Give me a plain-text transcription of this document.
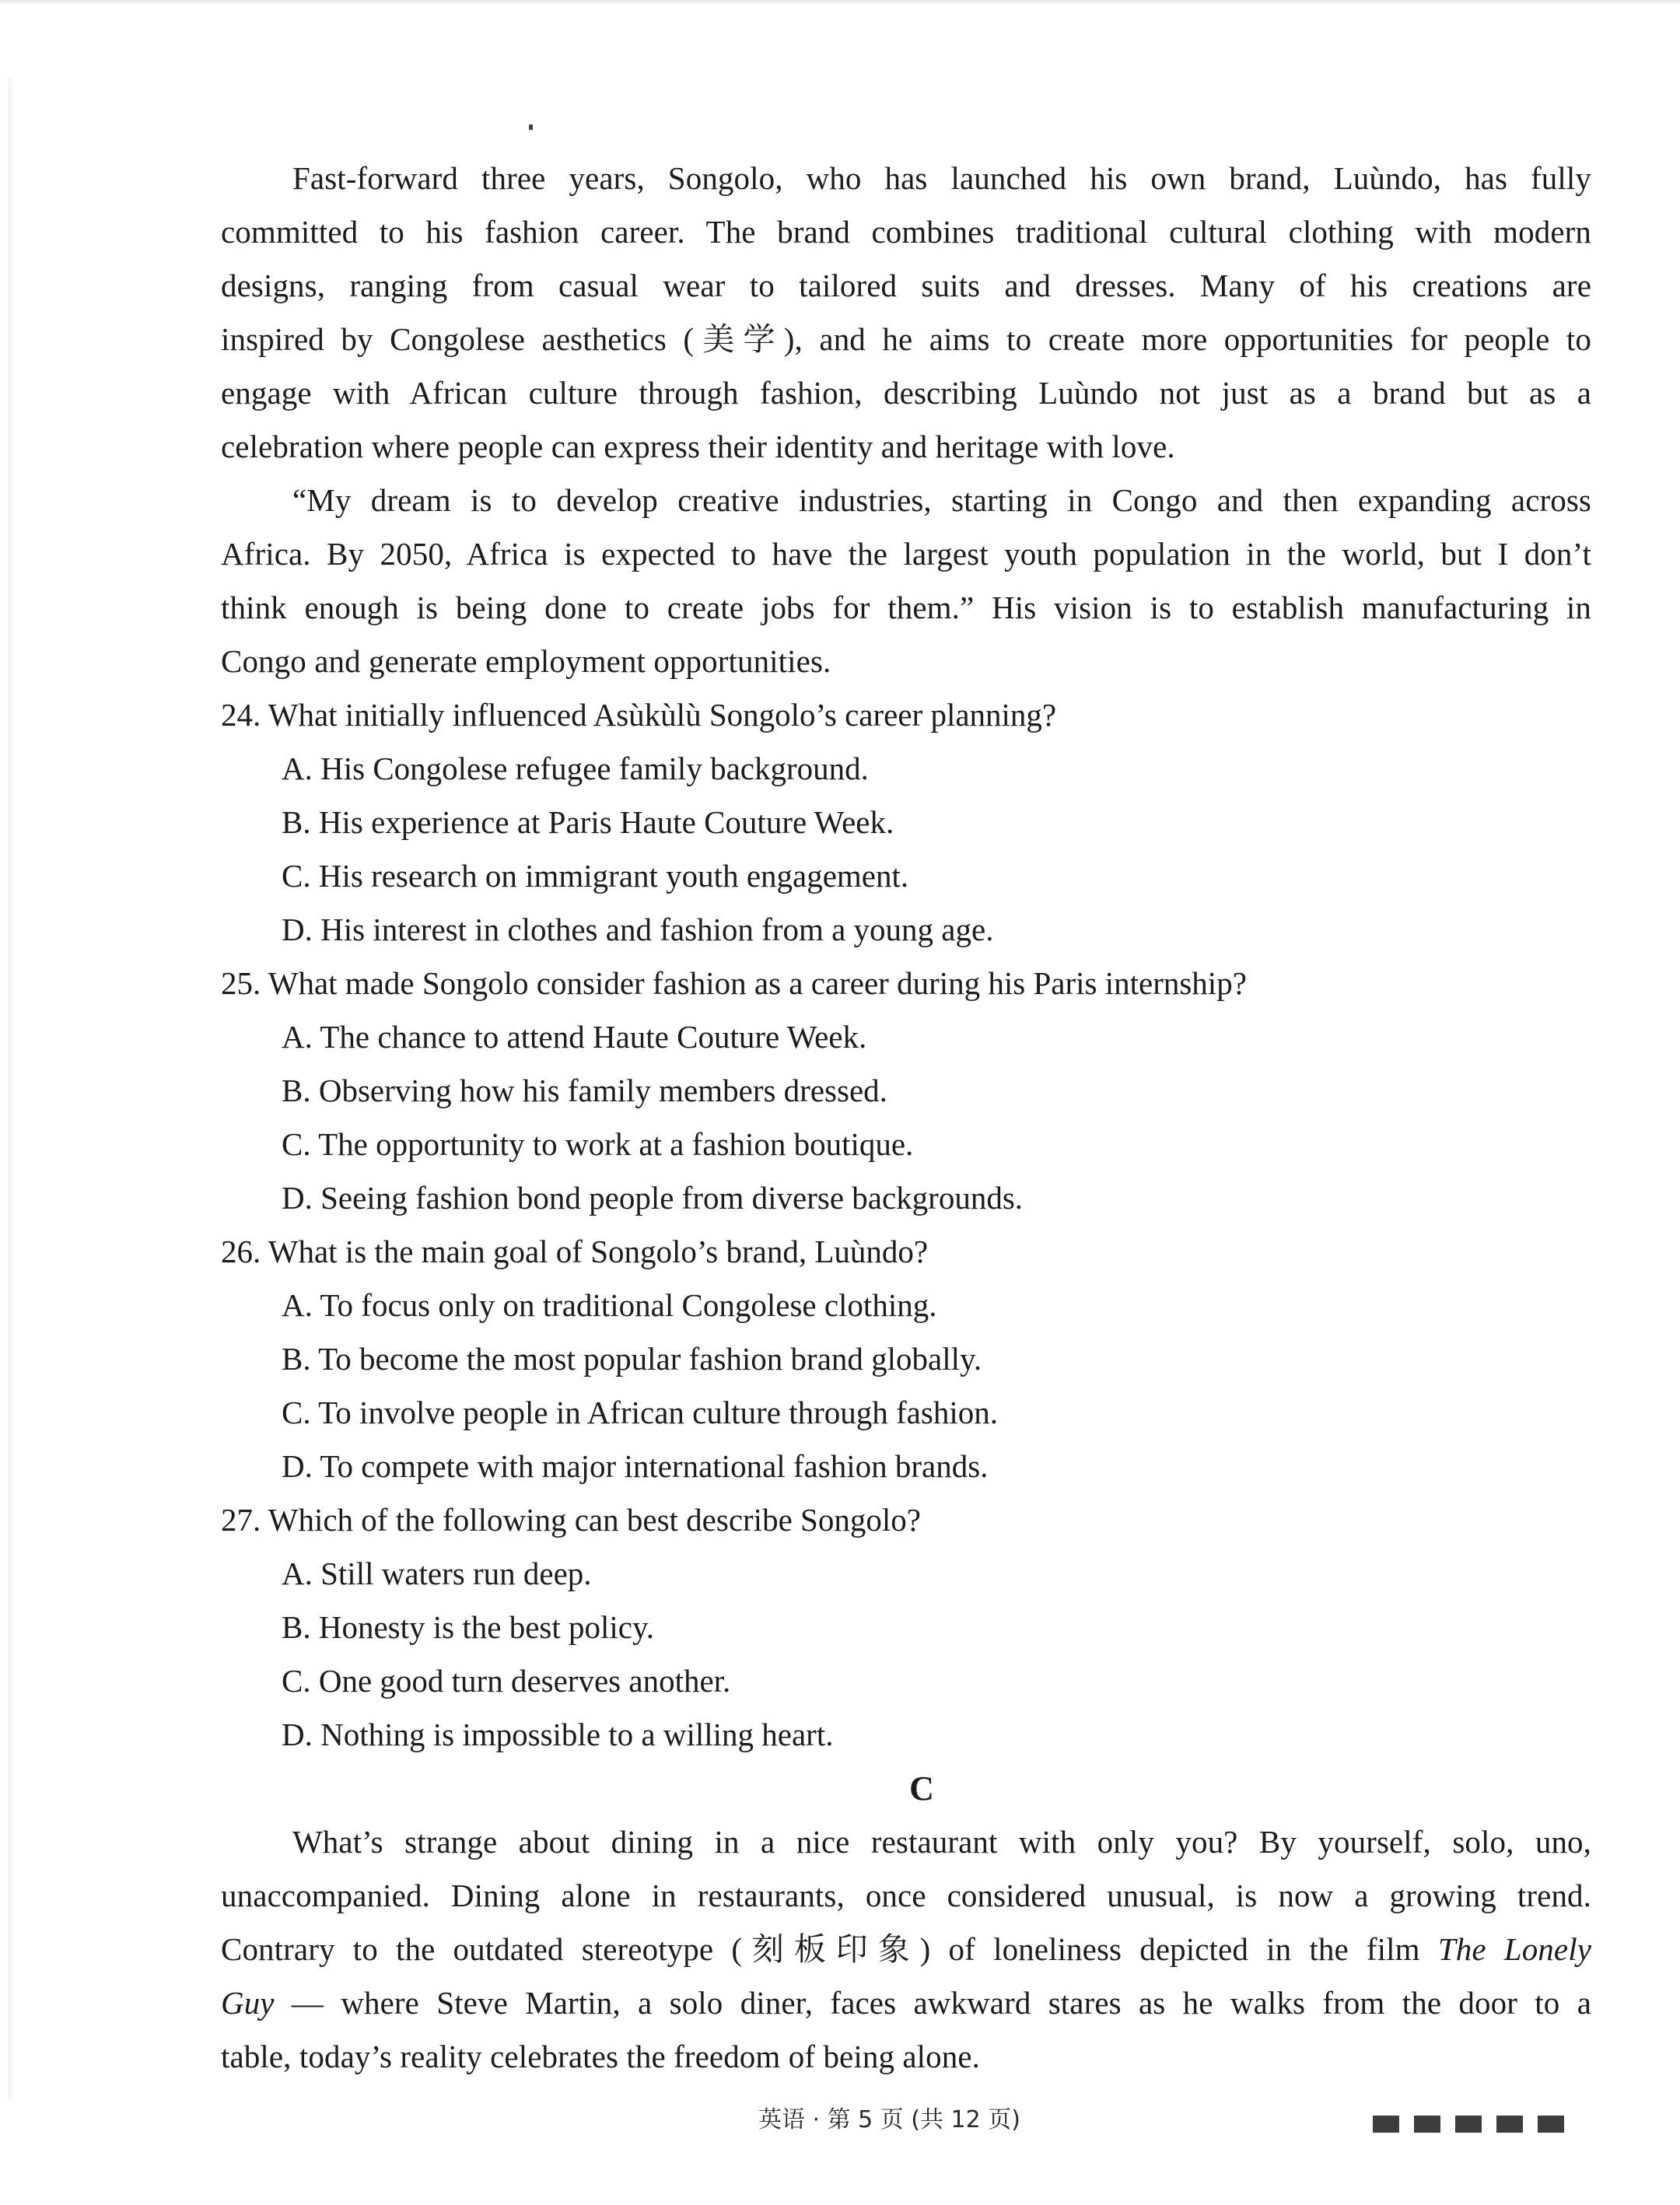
Fast-forward three years, Songolo, who has launched his own brand, Luùndo, has fully
committed to his fashion career. The brand combines traditional cultural clothing with modern
designs, ranging from casual wear to tailored suits and dresses. Many of his creations are
inspired by Congolese aesthetics (美学), and he aims to create more opportunities for people to
engage with African culture through fashion, describing Luùndo not just as a brand but as a
celebration where people can express their identity and heritage with love.
“My dream is to develop creative industries, starting in Congo and then expanding across
Africa. By 2050, Africa is expected to have the largest youth population in the world, but I don’t
think enough is being done to create jobs for them.” His vision is to establish manufacturing in
Congo and generate employment opportunities.
24. What initially influenced Asùkùlù Songolo’s career planning?
A. His Congolese refugee family background.
B. His experience at Paris Haute Couture Week.
C. His research on immigrant youth engagement.
D. His interest in clothes and fashion from a young age.
25. What made Songolo consider fashion as a career during his Paris internship?
A. The chance to attend Haute Couture Week.
B. Observing how his family members dressed.
C. The opportunity to work at a fashion boutique.
D. Seeing fashion bond people from diverse backgrounds.
26. What is the main goal of Songolo’s brand, Luùndo?
A. To focus only on traditional Congolese clothing.
B. To become the most popular fashion brand globally.
C. To involve people in African culture through fashion.
D. To compete with major international fashion brands.
27. Which of the following can best describe Songolo?
A. Still waters run deep.
B. Honesty is the best policy.
C. One good turn deserves another.
D. Nothing is impossible to a willing heart.
C
What’s strange about dining in a nice restaurant with only you? By yourself, solo, uno,
unaccompanied. Dining alone in restaurants, once considered unusual, is now a growing trend.
Contrary to the outdated stereotype (刻板印象) of loneliness depicted in the film The Lonely
Guy — where Steve Martin, a solo diner, faces awkward stares as he walks from the door to a
table, today’s reality celebrates the freedom of being alone.
英语 · 第 5 页 (共 12 页)
